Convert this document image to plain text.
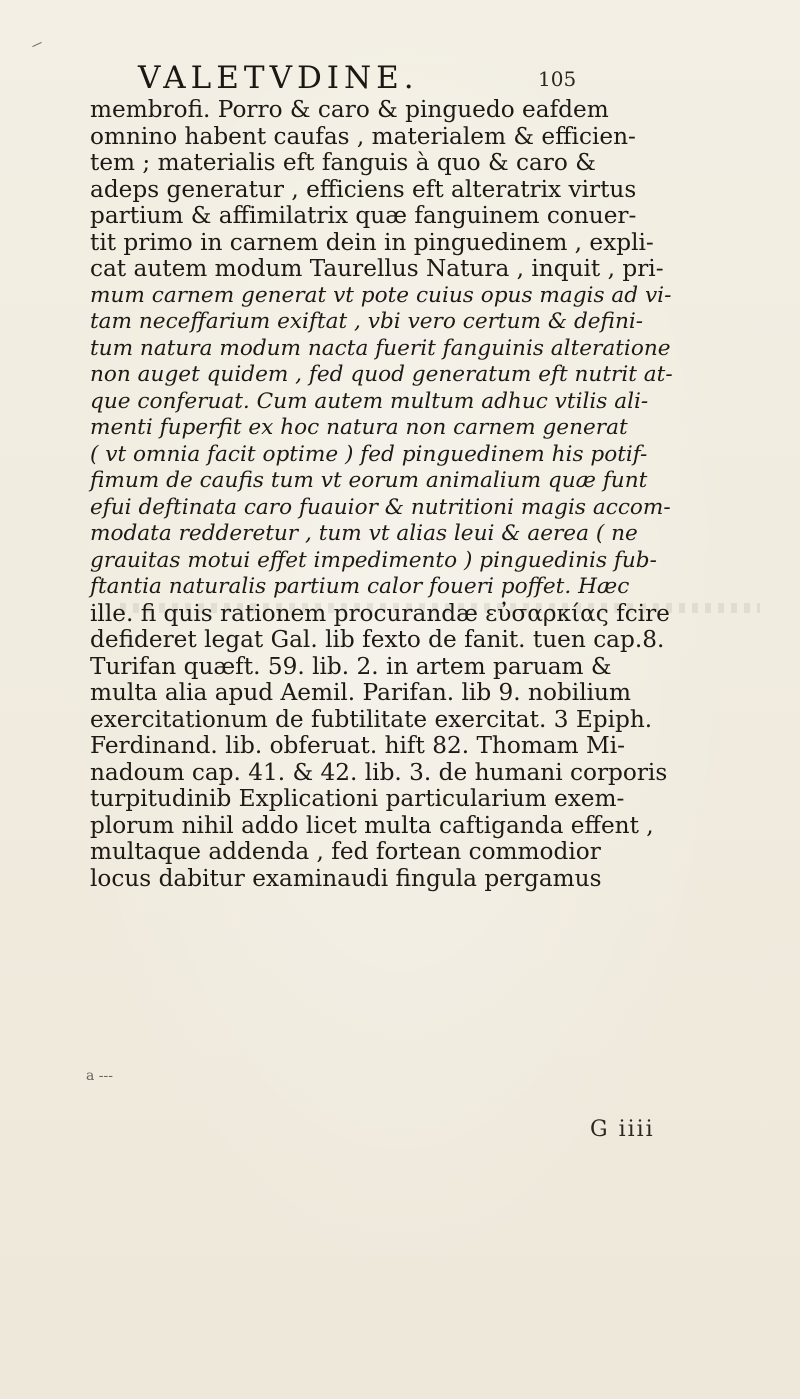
VALETVDINE.	105
membrofi. Porro & caro & pinguedo eafdem
omnino habent caufas , materialem & efficien-
tem ; materialis eft fanguis à quo & caro &
adeps generatur , efficiens eft alteratrix virtus
partium & affimilatrix quæ fanguinem conuer-
tit primo in carnem dein in pinguedinem , expli-
cat autem modum Taurellus Natura , inquit , pri-
mum carnem generat vt pote cuius opus magis ad vi-
tam neceffarium exiftat , vbi vero certum & defini-
tum natura modum nacta fuerit fanguinis alteratione
non auget quidem , fed quod generatum eft nutrit at-
que conferuat. Cum autem multum adhuc vtilis ali-
menti fuperfit ex hoc natura non carnem generat
( vt omnia facit optime ) fed pinguedinem his potif-
fimum de caufis tum vt eorum animalium quæ funt
efui deftinata caro fuauior & nutritioni magis accom-
modata redderetur , tum vt alias leui & aerea ( ne
grauitas motui effet impedimento ) pinguedinis fub-
ftantia naturalis partium calor foueri poffet. Hæc
ille. fi quis rationem procurandæ εὐσαρκίας fcire
defideret legat Gal. lib fexto de fanit. tuen cap.8.
Turifan quæft. 59. lib. 2. in artem paruam &
multa alia apud Aemil. Parifan. lib 9. nobilium
exercitationum de fubtilitate exercitat. 3 Epiph.
Ferdinand. lib. obferuat. hift 82. Thomam Mi-
nadoum cap. 41. & 42. lib. 3. de humani corporis
turpitudinib Explicationi particularium exem-
plorum nihil addo licet multa caftiganda effent ,
multaque addenda , fed fortean commodior
locus dabitur examinaudi fingula pergamus
a ---
G iiii
